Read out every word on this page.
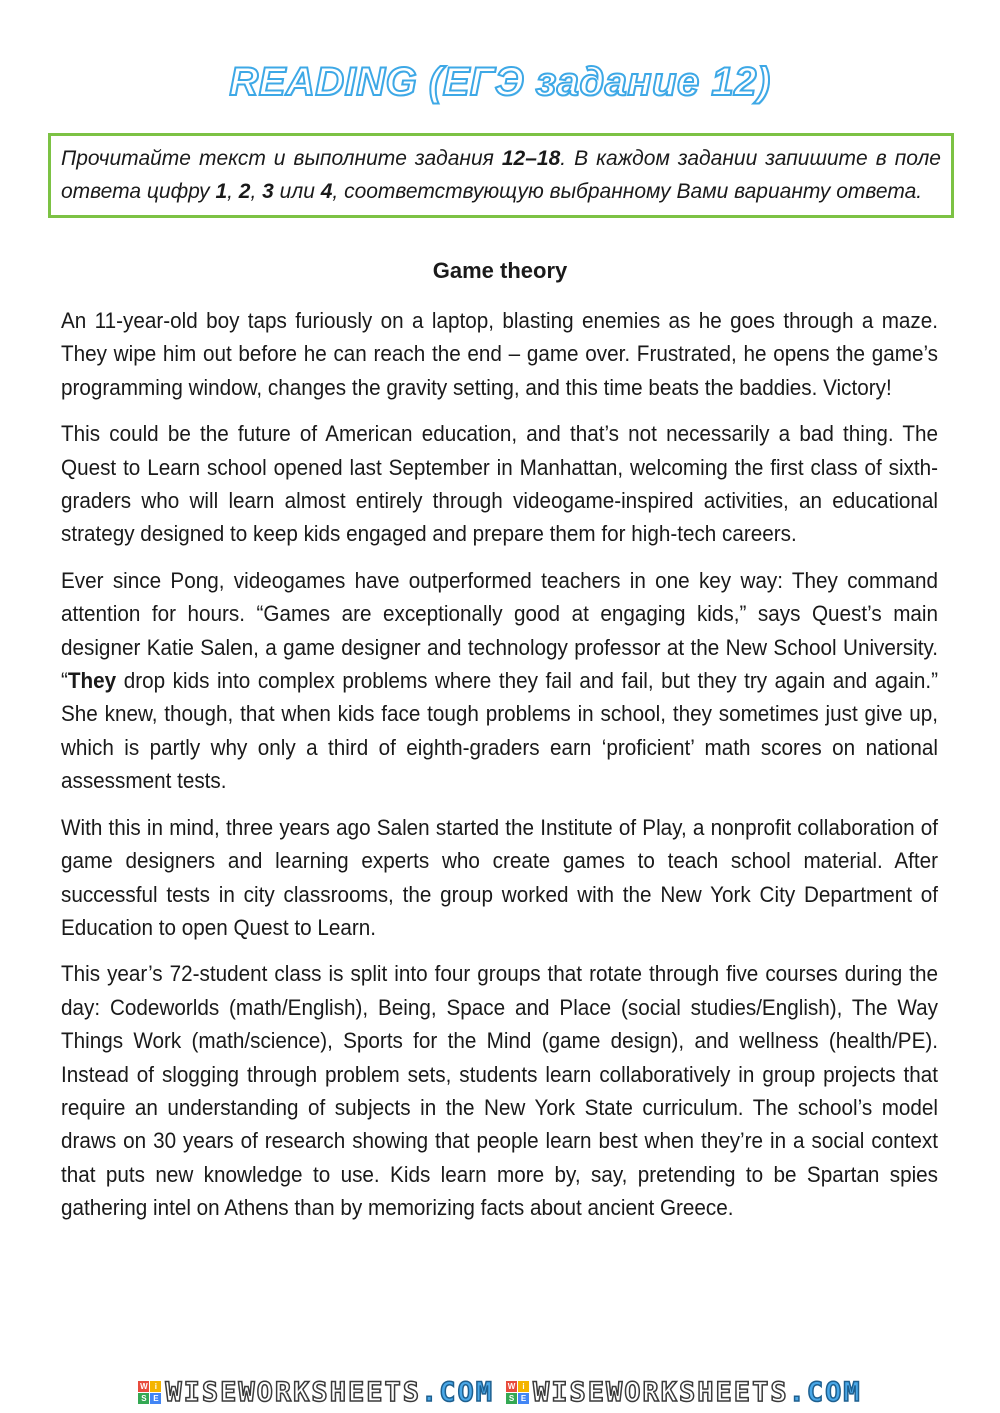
READING (ЕГЭ задание 12)
Прочитайте текст и выполните задания 12–18. В каждом задании запишите в поле ответа цифру 1, 2, 3 или 4, соответствующую выбранному Вами варианту ответа.
Game theory

An 11-year-old boy taps furiously on a laptop, blasting enemies as he goes through a maze. They wipe him out before he can reach the end – game over. Frustrated, he opens the game’s programming window, changes the gravity setting, and this time beats the baddies. Victory!

This could be the future of American education, and that’s not necessarily a bad thing. The Quest to Learn school opened last September in Manhattan, welcoming the first class of sixth-graders who will learn almost entirely through videogame-inspired activities, an educational strategy designed to keep kids engaged and prepare them for high-tech careers.

Ever since Pong, videogames have outperformed teachers in one key way: They command attention for hours. “Games are exceptionally good at engaging kids,” says Quest’s main designer Katie Salen, a game designer and technology professor at the New School University. “They drop kids into complex problems where they fail and fail, but they try again and again.” She knew, though, that when kids face tough problems in school, they sometimes just give up, which is partly why only a third of eighth-graders earn ‘proficient’ math scores on national assessment tests.

With this in mind, three years ago Salen started the Institute of Play, a nonprofit collaboration of game designers and learning experts who create games to teach school material. After successful tests in city classrooms, the group worked with the New York City Department of Education to open Quest to Learn.

This year’s 72-student class is split into four groups that rotate through five courses during the day: Codeworlds (math/English), Being, Space and Place (social studies/English), The Way Things Work (math/science), Sports for the Mind (game design), and wellness (health/PE). Instead of slogging through problem sets, students learn collaboratively in group projects that require an understanding of subjects in the New York State curriculum. The school’s model draws on 30 years of research showing that people learn best when they’re in a social context that puts new knowledge to use. Kids learn more by, say, pretending to be Spartan spies gathering intel on Athens than by memorizing facts about ancient Greece.

W i
S E WISEWORKSHEETS.COM W i
S E WISEWORKSHEETS.COM
